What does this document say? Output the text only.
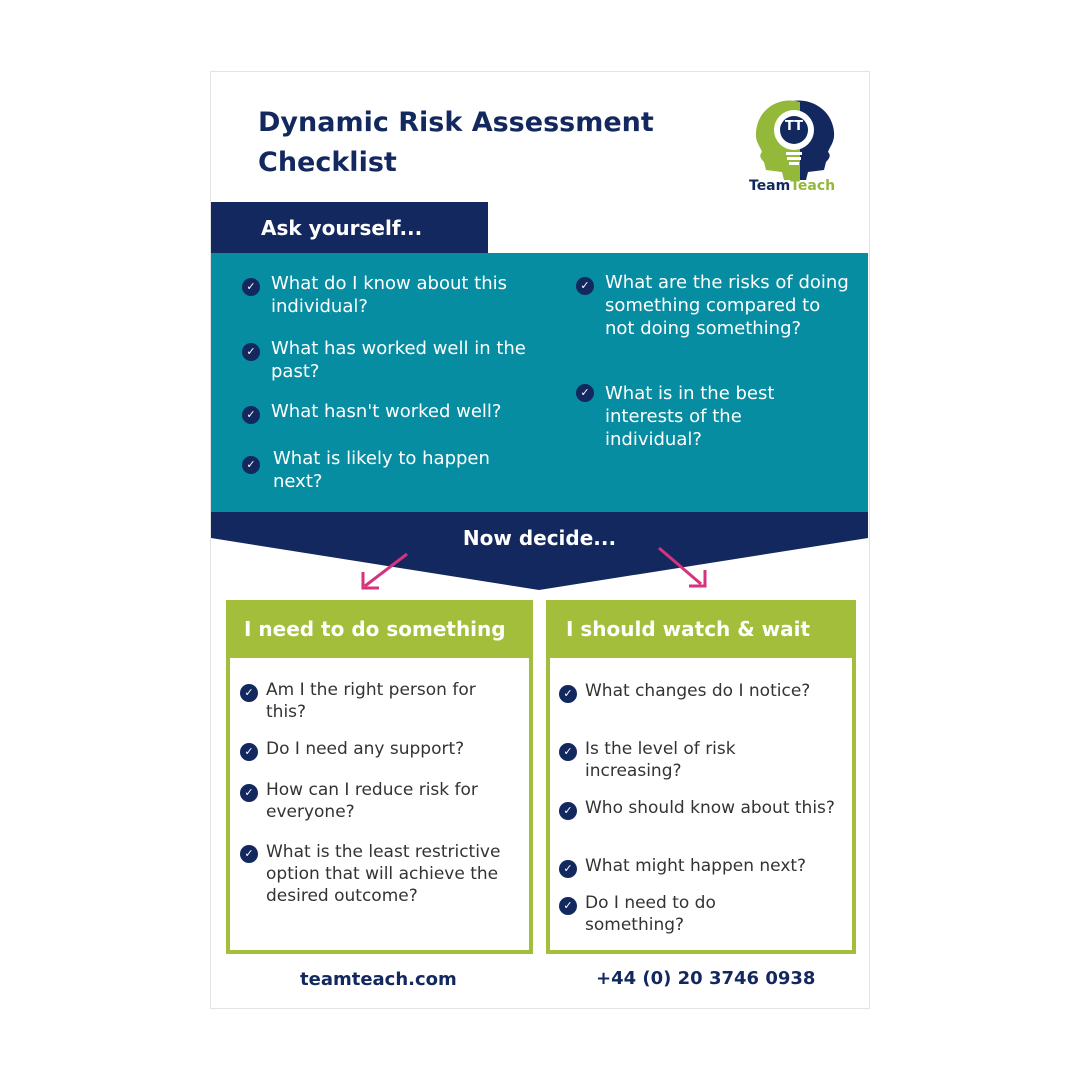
Dynamic Risk Assessment Checklist
TT
TeamTeach
Ask yourself...
✓ What do I know about this individual?
✓ What has worked well in the past?
✓ What hasn't worked well?
✓ What is likely to happen next?
✓ What are the risks of doing something compared to not doing something?
✓ What is in the best interests of the individual?
Now decide...
I need to do something
✓ Am I the right person for this?
✓ Do I need any support?
✓ How can I reduce risk for everyone?
✓ What is the least restrictive option that will achieve the desired outcome?
I should watch & wait
✓ What changes do I notice?
✓ Is the level of risk increasing?
✓ Who should know about this?
✓ What might happen next?
✓ Do I need to do something?
teamteach.com	+44 (0) 20 3746 0938
